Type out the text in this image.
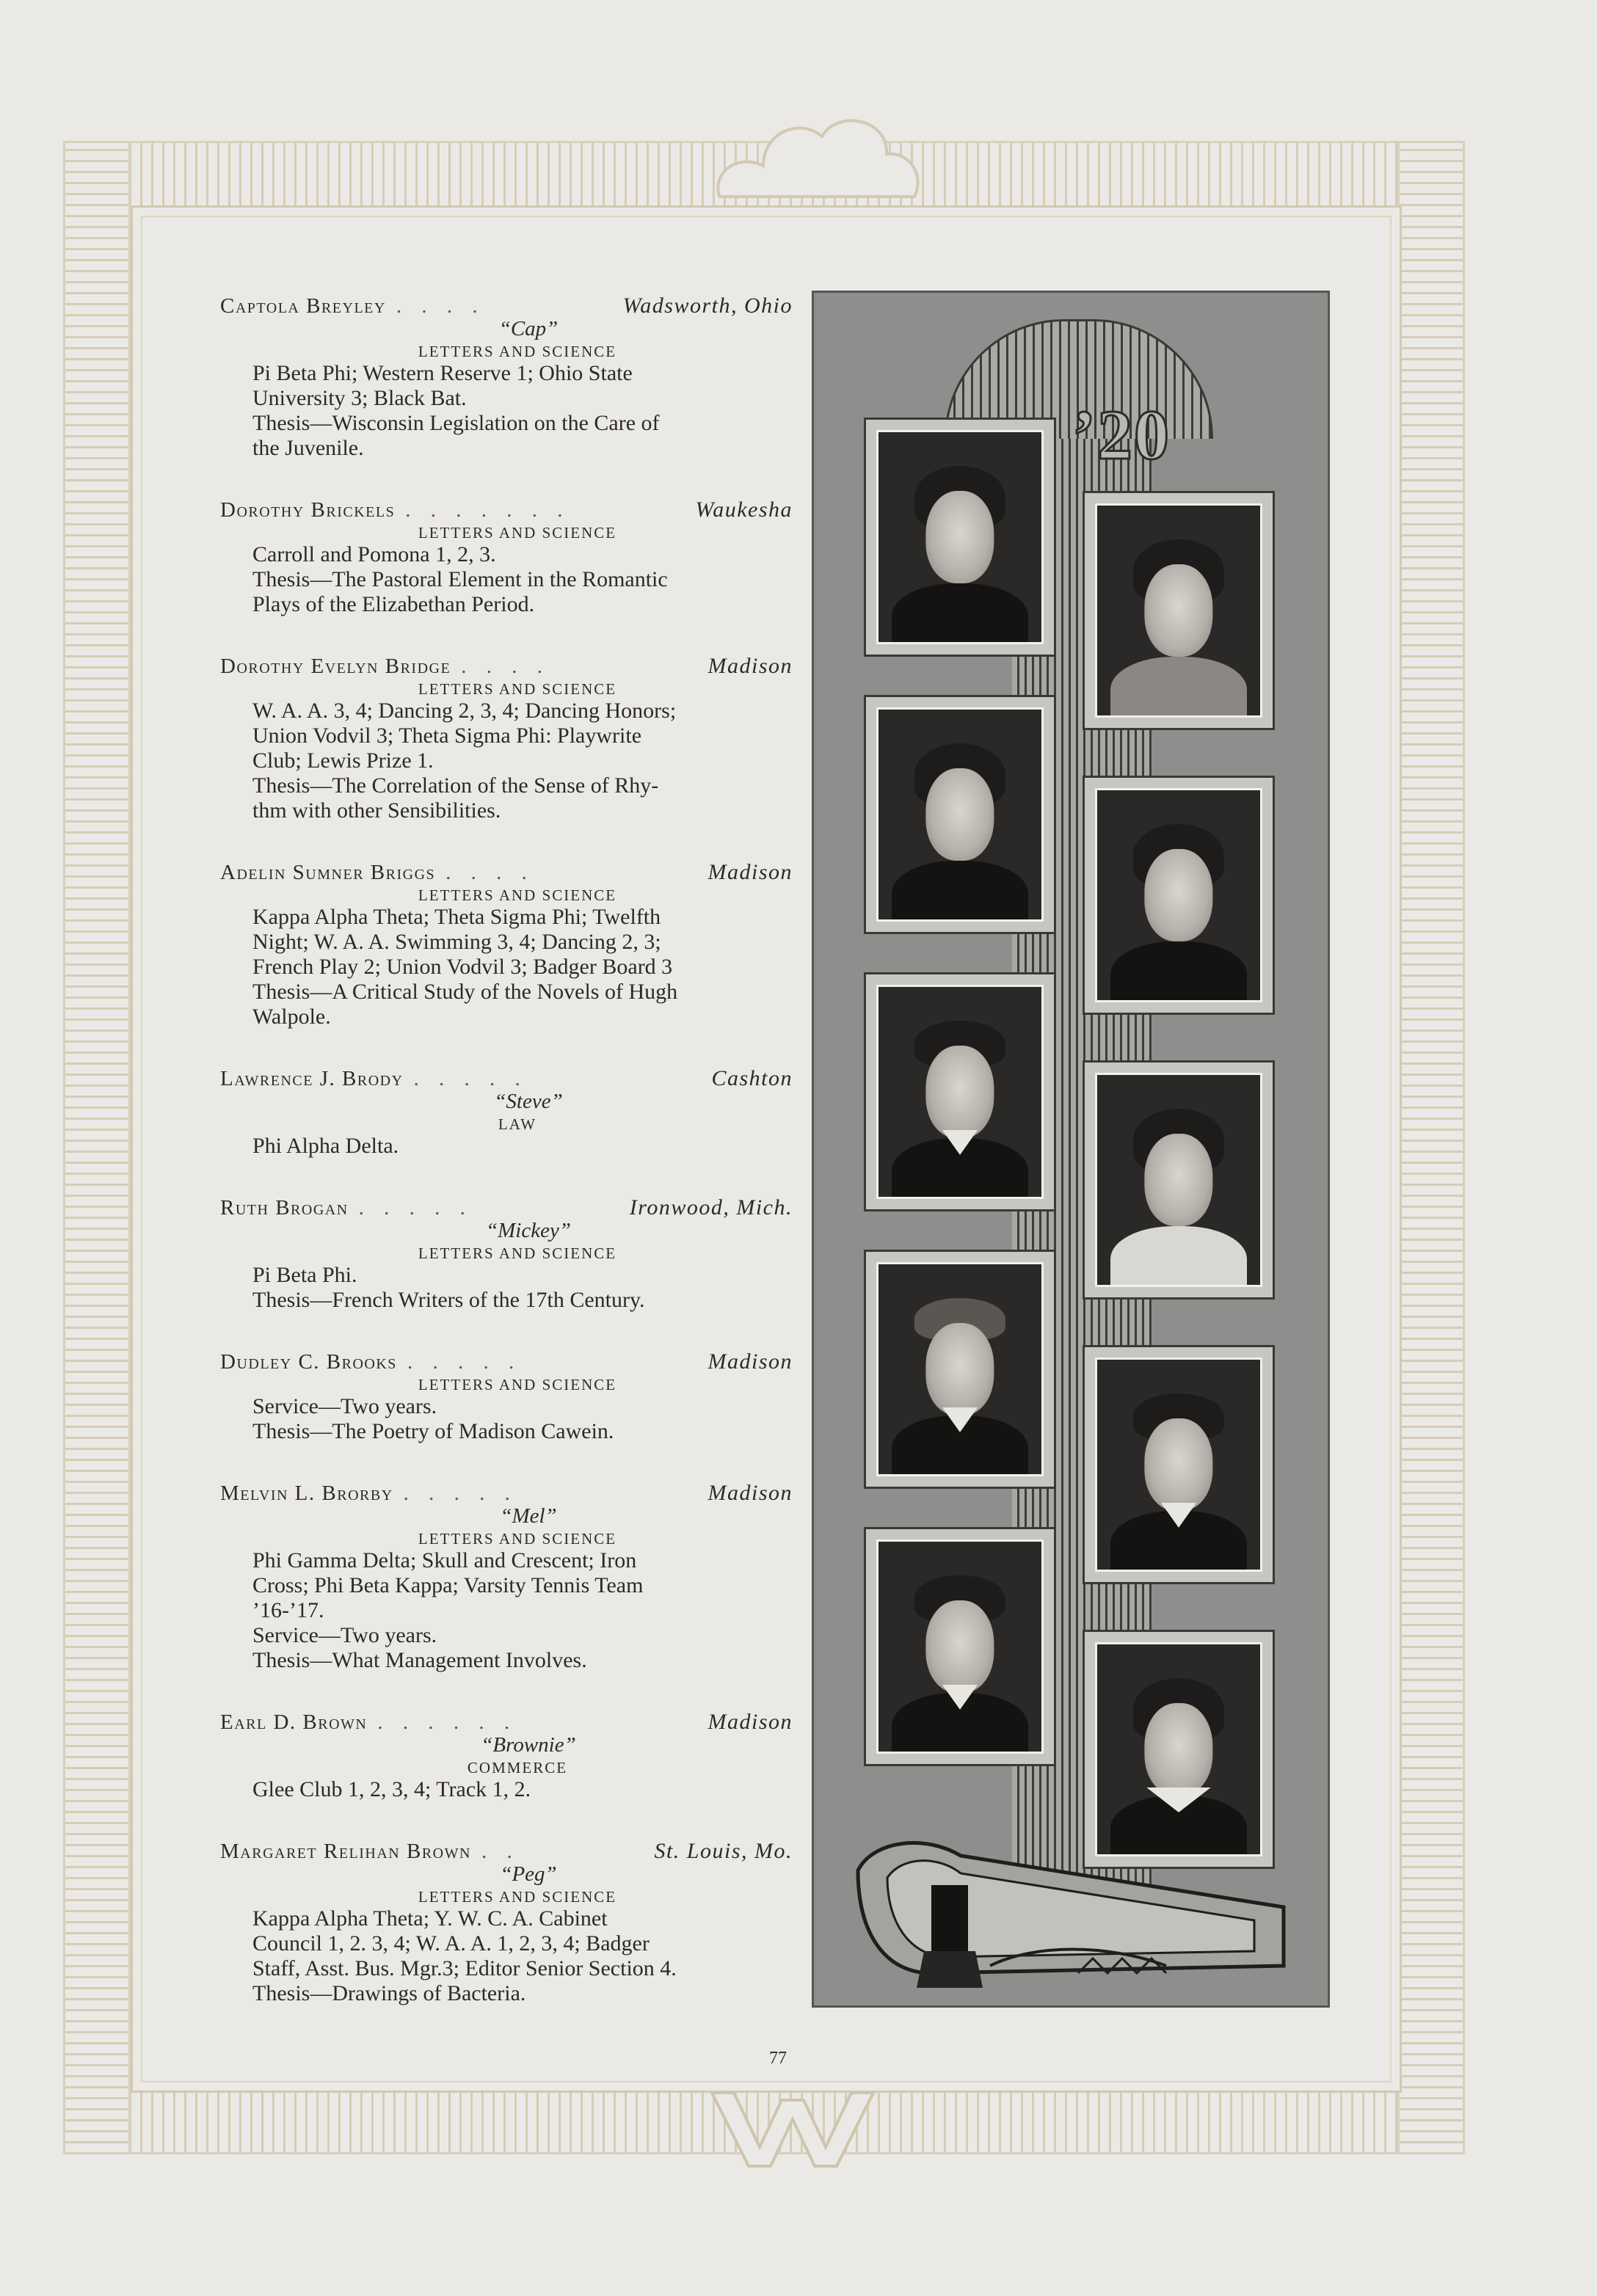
Captola Breyley . . . .	Wadsworth, Ohio
“Cap”
LETTERS AND SCIENCE
Pi Beta Phi; Western Reserve 1; Ohio State
University 3; Black Bat.
Thesis—Wisconsin Legislation on the Care of
the Juvenile.
Dorothy Brickels . . . . . . .	Waukesha
LETTERS AND SCIENCE
Carroll and Pomona 1, 2, 3.
Thesis—The Pastoral Element in the Romantic
Plays of the Elizabethan Period.
Dorothy Evelyn Bridge . . . .	Madison
LETTERS AND SCIENCE
W. A. A. 3, 4; Dancing 2, 3, 4; Dancing Honors;
Union Vodvil 3; Theta Sigma Phi: Playwrite
Club; Lewis Prize 1.
Thesis—The Correlation of the Sense of Rhy-
thm with other Sensibilities.
Adelin Sumner Briggs . . . .	Madison
LETTERS AND SCIENCE
Kappa Alpha Theta; Theta Sigma Phi; Twelfth
Night; W. A. A. Swimming 3, 4; Dancing 2, 3;
French Play 2; Union Vodvil 3; Badger Board 3
Thesis—A Critical Study of the Novels of Hugh
Walpole.
Lawrence J. Brody . . . . .	Cashton
“Steve”
LAW
Phi Alpha Delta.
Ruth Brogan . . . . .	Ironwood, Mich.
“Mickey”
LETTERS AND SCIENCE
Pi Beta Phi.
Thesis—French Writers of the 17th Century.
Dudley C. Brooks . . . . .	Madison
LETTERS AND SCIENCE
Service—Two years.
Thesis—The Poetry of Madison Cawein.
Melvin L. Brorby . . . . .	Madison
“Mel”
LETTERS AND SCIENCE
Phi Gamma Delta; Skull and Crescent; Iron
Cross; Phi Beta Kappa; Varsity Tennis Team
’16-’17.
Service—Two years.
Thesis—What Management Involves.
Earl D. Brown . . . . . .	Madison
“Brownie”
COMMERCE
Glee Club 1, 2, 3, 4; Track 1, 2.
Margaret Relihan Brown . .	St. Louis, Mo.
“Peg”
LETTERS AND SCIENCE
Kappa Alpha Theta; Y. W. C. A. Cabinet
Council 1, 2. 3, 4; W. A. A. 1, 2, 3, 4; Badger
Staff, Asst. Bus. Mgr.3; Editor Senior Section 4.
Thesis—Drawings of Bacteria.
77
’20
